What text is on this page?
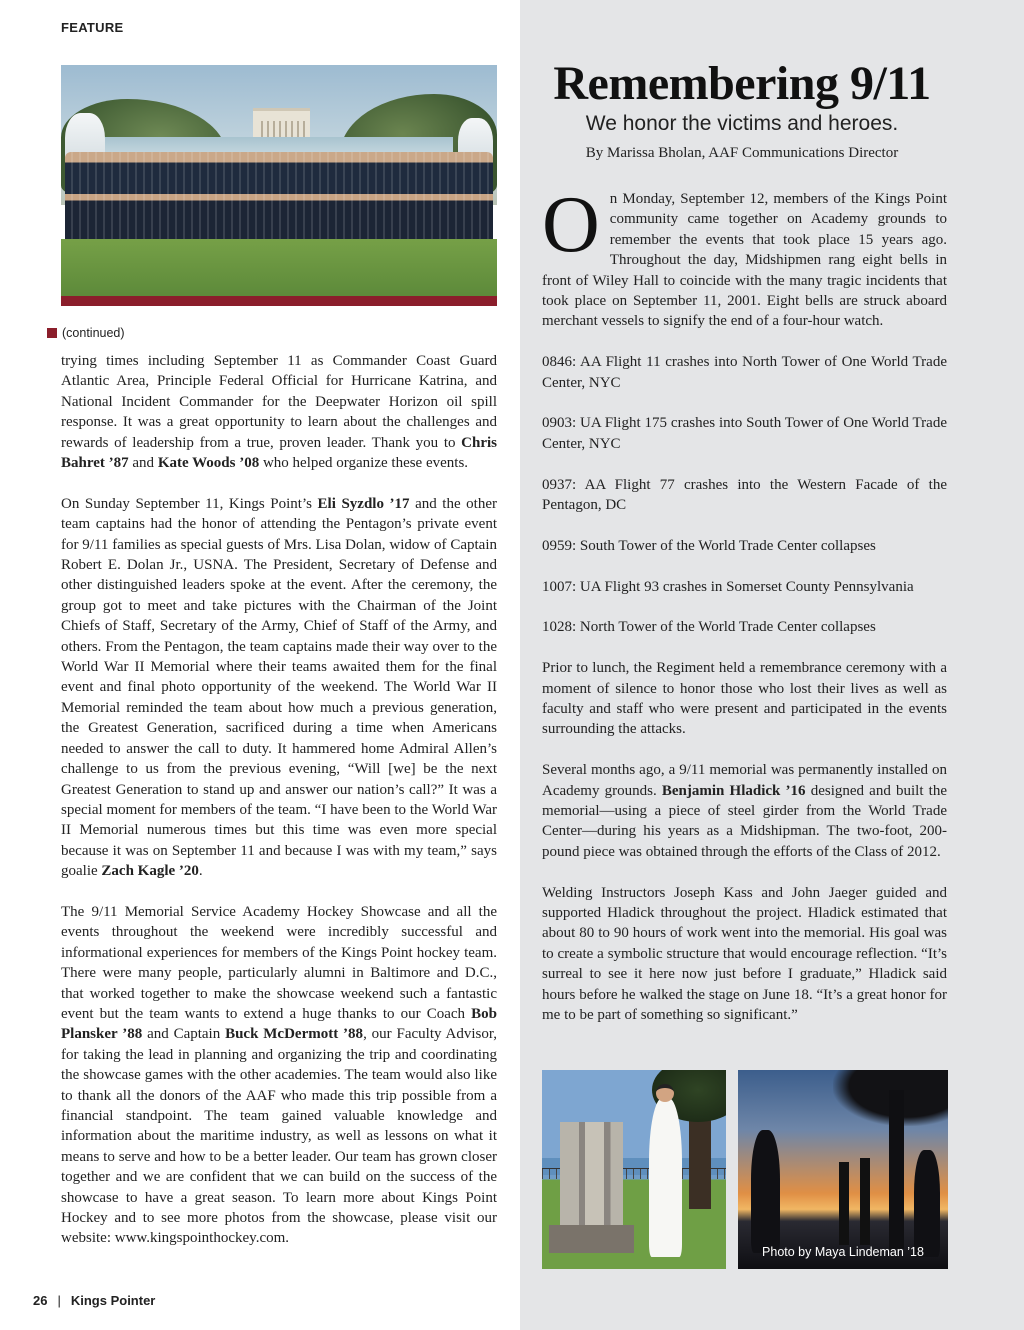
FEATURE
(continued)

trying times including September 11 as Commander Coast Guard Atlantic Area, Principle Federal Official for Hurricane Katrina, and National Incident Commander for the Deepwater Horizon oil spill response. It was a great opportunity to learn about the challenges and rewards of leadership from a true, proven leader. Thank you to Chris Bahret ’87 and Kate Woods ’08 who helped organize these events.

On Sunday September 11, Kings Point’s Eli Syzdlo ’17 and the other team captains had the honor of attending the Pentagon’s private event for 9/11 families as special guests of Mrs. Lisa Dolan, widow of Captain Robert E. Dolan Jr., USNA. The President, Secretary of Defense and other distinguished leaders spoke at the event. After the ceremony, the group got to meet and take pictures with the Chairman of the Joint Chiefs of Staff, Secretary of the Army, Chief of Staff of the Army, and others. From the Pentagon, the team captains made their way over to the World War II Memorial where their teams awaited them for the final event and final photo opportunity of the weekend. The World War II Memorial reminded the team about how much a previous generation, the Greatest Generation, sacrificed during a time when Americans needed to answer the call to duty. It hammered home Admiral Allen’s challenge to us from the previous evening, “Will [we] be the next Greatest Generation to stand up and answer our nation’s call?” It was a special moment for members of the team. “I have been to the World War II Memorial numerous times but this time was even more special because it was on September 11 and because I was with my team,” says goalie Zach Kagle ’20.

The 9/11 Memorial Service Academy Hockey Showcase and all the events throughout the weekend were incredibly successful and informational experiences for members of the Kings Point hockey team. There were many people, particularly alumni in Baltimore and D.C., that worked together to make the showcase weekend such a fantastic event but the team wants to extend a huge thanks to our Coach Bob Plansker ’88 and Captain Buck McDermott ’88, our Faculty Advisor, for taking the lead in planning and organizing the trip and coordinating the showcase games with the other academies. The team would also like to thank all the donors of the AAF who made this trip possible from a financial standpoint. The team gained valuable knowledge and information about the maritime industry, as well as lessons on what it means to serve and how to be a better leader. Our team has grown closer together and we are confident that we can build on the success of the showcase to have a great season. To learn more about Kings Point Hockey and to see more photos from the showcase, please visit our website: www.kingspointhockey.com.

Remembering 9/11
We honor the victims and heroes.
By Marissa Bholan, AAF Communications Director

On Monday, September 12, members of the Kings Point community came together on Academy grounds to remember the events that took place 15 years ago. Throughout the day, Midshipmen rang eight bells in front of Wiley Hall to coincide with the many tragic incidents that took place on September 11, 2001. Eight bells are struck aboard merchant vessels to signify the end of a four-hour watch.

0846: AA Flight 11 crashes into North Tower of One World Trade Center, NYC

0903: UA Flight 175 crashes into South Tower of One World Trade Center, NYC

0937: AA Flight 77 crashes into the Western Facade of the Pentagon, DC

0959: South Tower of the World Trade Center collapses

1007: UA Flight 93 crashes in Somerset County Pennsylvania

1028: North Tower of the World Trade Center collapses

Prior to lunch, the Regiment held a remembrance ceremony with a moment of silence to honor those who lost their lives as well as faculty and staff who were present and participated in the events surrounding the attacks.

Several months ago, a 9/11 memorial was permanently installed on Academy grounds. Benjamin Hladick ’16 designed and built the memorial—using a piece of steel girder from the World Trade Center—during his years as a Midshipman. The two-foot, 200-pound piece was obtained through the efforts of the Class of 2012.

Welding Instructors Joseph Kass and John Jaeger guided and supported Hladick throughout the project. Hladick estimated that about 80 to 90 hours of work went into the memorial. His goal was to create a symbolic structure that would encourage reflection. “It’s surreal to see it here now just before I graduate,” Hladick said hours before he walked the stage on June 18. “It’s a great honor for me to be part of something so significant.”

Photo by Maya Lindeman ’18
26 | Kings Pointer
